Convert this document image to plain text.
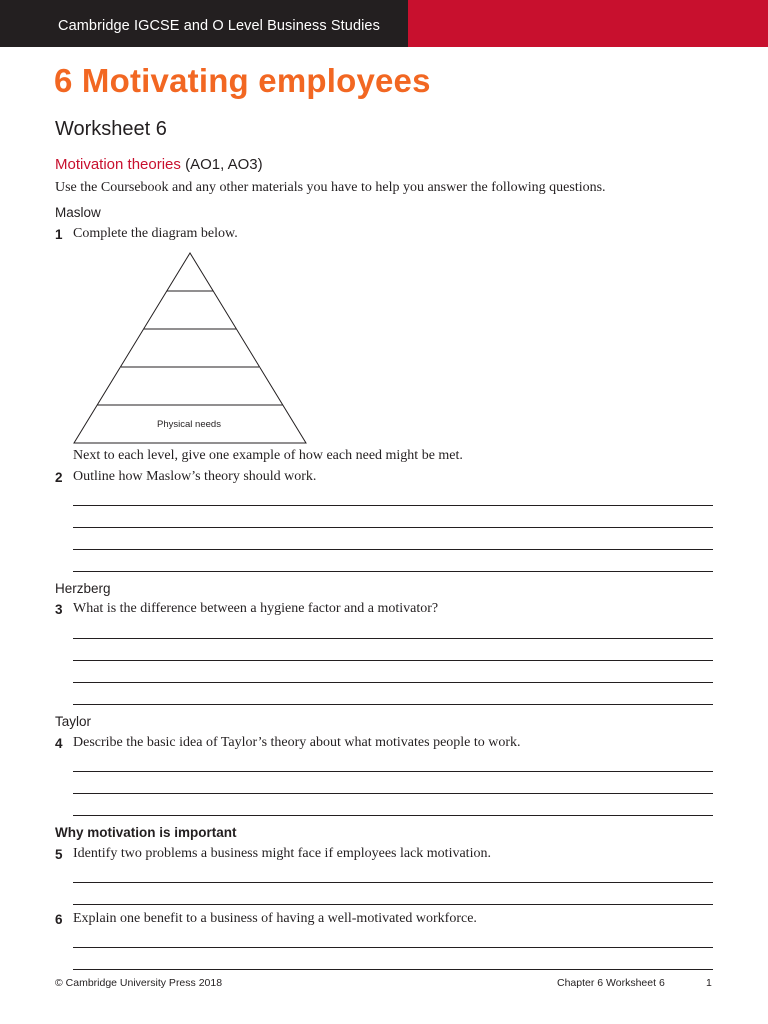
Cambridge IGCSE and O Level Business Studies
6 Motivating employees
Worksheet 6
Motivation theories (AO1, AO3)
Use the Coursebook and any other materials you have to help you answer the following questions.
Maslow
1 Complete the diagram below.
Physical needs
Next to each level, give one example of how each need might be met.
2 Outline how Maslow’s theory should work.
Herzberg
3 What is the difference between a hygiene factor and a motivator?
Taylor
4 Describe the basic idea of Taylor’s theory about what motivates people to work.
Why motivation is important
5 Identify two problems a business might face if employees lack motivation.
6 Explain one benefit to a business of having a well-motivated workforce.
© Cambridge University Press 2018	Chapter 6 Worksheet 6	1
